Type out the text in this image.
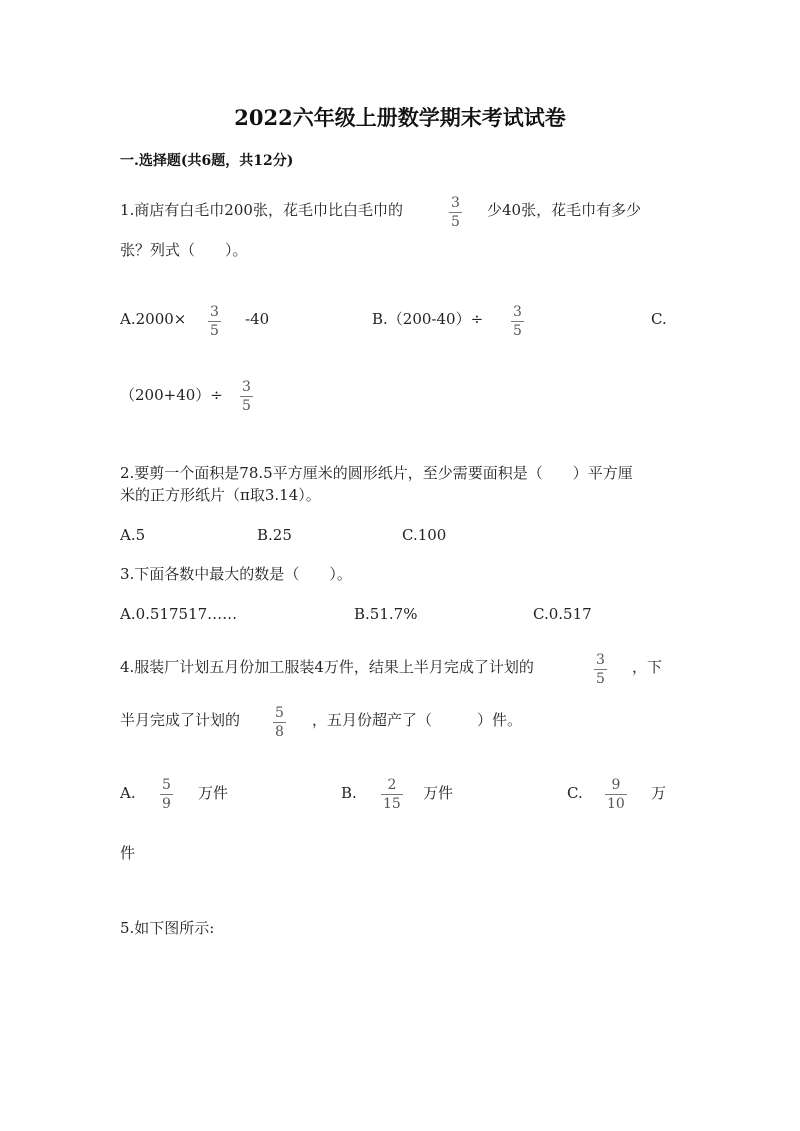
2022六年级上册数学期末考试试卷
一.选择题(共6题，共12分)
1.商店有白毛巾200张，花毛巾比白毛巾的	3
5
少40张，花毛巾有多少
张？列式（　　）。
A.2000× 3
5
-40	B.（200-40）÷ 3
5
C.
（200+40）÷ 3
5
2.要剪一个面积是78.5平方厘米的圆形纸片，至少需要面积是（　　）平方厘
米的正方形纸片（π取3.14）。
A.5	B.25	C.100
3.下面各数中最大的数是（　　）。
A.0.517517……	B.51.7%	C.0.517
4.服装厂计划五月份加工服装4万件，结果上半月完成了计划的	3
5
，下
半月完成了计划的 5
8
，五月份超产了（　　　）件。
A. 5
9
万件	B. 2
15
万件	C. 9
10
万
件
5.如下图所示:
